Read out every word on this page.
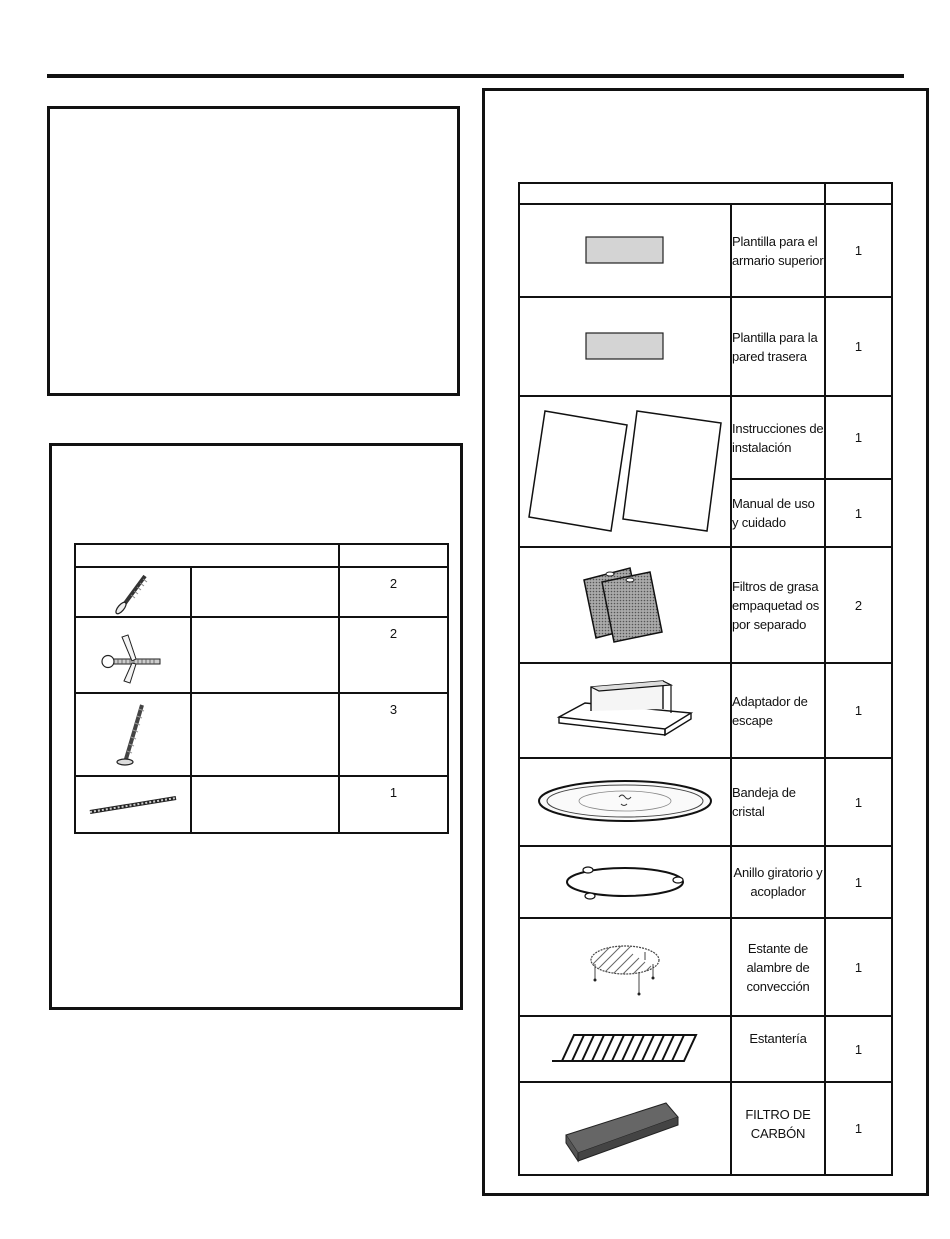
		2

		2

		3

		1

	Plantilla para el armario superior	1

	Plantilla para la pared trasera	1

	Instrucciones de instalación	1
	Manual de uso y cuidado	1

	Filtros de grasa empaquetad os por separado	2

	Adaptador de escape	1

	Bandeja de cristal	1

	Anillo giratorio y acoplador	1

	Estante de alambre de convección	1

	Estantería	1

	FILTRO DE CARBÓN	1
